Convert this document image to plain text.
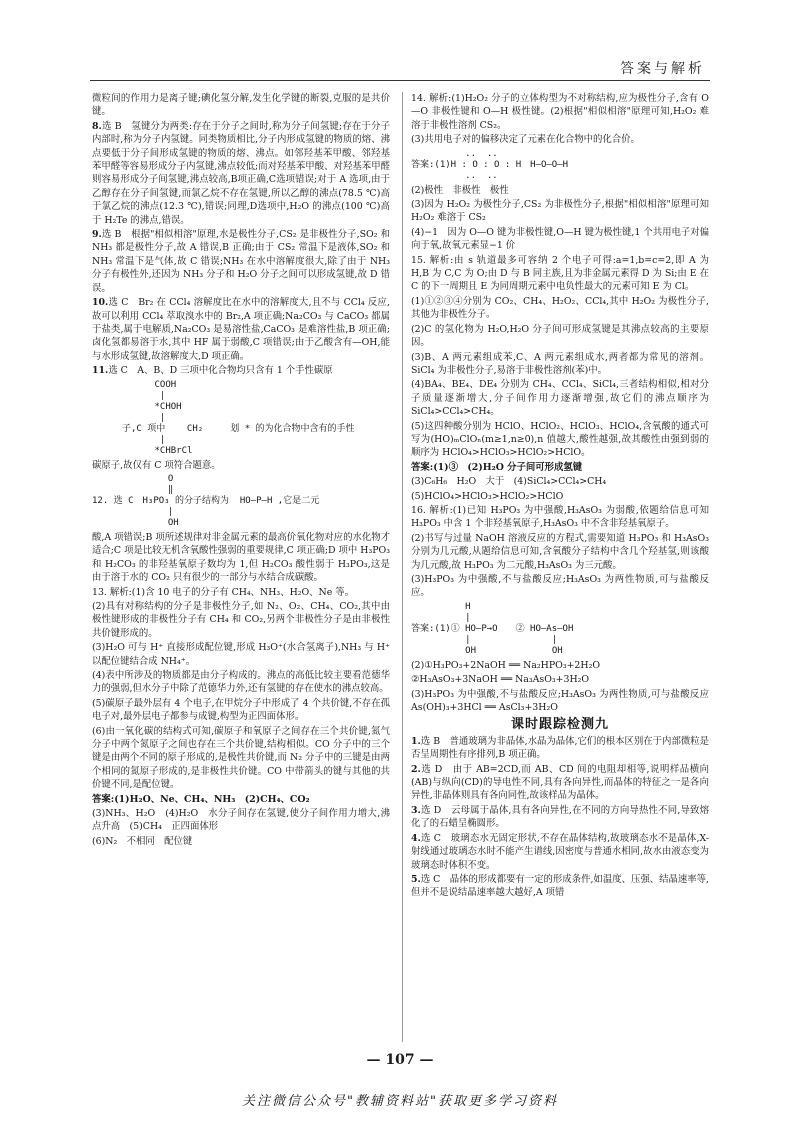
答案与解析

微粒间的作用力是离子键;碘化氢分解,发生化学键的断裂,克服的是共价键。

8.选 B　氢键分为两类:存在于分子之间时,称为分子间氢键;存在于分子内部时,称为分子内氢键。同类物质相比,分子内形成氢键的物质的熔、沸点要低于分子间形成氢键的物质的熔、沸点。如邻羟基苯甲酸、邻羟基苯甲醛等容易形成分子内氢键,沸点较低;而对羟基苯甲酸、对羟基苯甲醛则容易形成分子间氢键,沸点较高,B项正确,C选项错误;对于 A 选项,由于乙醇存在分子间氢键,而氯乙烷不存在氢键,所以乙醇的沸点(78.5 ℃)高于氯乙烷的沸点(12.3 ℃),错误;同理,D选项中,H₂O 的沸点(100 ℃)高于 H₂Te 的沸点,错误。
9.选 B　根据"相似相溶"原理,水是极性分子,CS₂ 是非极性分子,SO₂ 和 NH₃ 都是极性分子,故 A 错误,B 正确;由于 CS₂ 常温下是液体,SO₂ 和 NH₃ 常温下是气体,故 C 错误;NH₃ 在水中溶解度很大,除了由于 NH₃ 分子有极性外,还因为 NH₃ 分子和 H₂O 分子之间可以形成氢键,故 D 错误。
10.选 C　Br₂ 在 CCl₄ 溶解度比在水中的溶解度大,且不与 CCl₄ 反应,故可以利用 CCl₄ 萃取溴水中的 Br₂,A 项正确;Na₂CO₃ 与 CaCO₃ 都属于盐类,属于电解质,Na₂CO₃ 是易溶性盐,CaCO₃ 是难溶性盐,B 项正确;卤化氢都易溶于水,其中 HF 属于弱酸,C 项错误;由于乙酸含有—OH,能与水形成氢键,故溶解度大,D 项正确。
11.选 C　A、B、D 三项中化合物均只含有 1 个手性碳原
COOH
|
*CHOH
|
子,C 项中    CH₂     划 * 的为化合物中含有的手性
|
*CHBrCl

碳原子,故仅有 C 项符合题意。

O
‖
12. 选 C　H₃PO₃ 的分子结构为  HO—P—H ,它是二元
|
OH

酸,A 项错误;B 项所述规律对非金属元素的最高价氧化物对应的水化物才适合;C 项是比较无机含氧酸性强弱的重要规律,C 项正确;D 项中 H₃PO₃ 和 H₂CO₃ 的非羟基氧原子数均为 1,但 H₂CO₃ 酸性弱于 H₃PO₃,这是由于溶于水的 CO₂ 只有很少的一部分与水结合成碳酸。

13. 解析:(1)含 10 电子的分子有 CH₄、NH₃、H₂O、Ne 等。

(2)具有对称结构的分子是非极性分子,如 N₂、O₂、CH₄、CO₂,其中由极性键形成的非极性分子有 CH₄ 和 CO₂,另两个非极性分子是由非极性共价键形成的。

(3)H₂O 可与 H⁺ 直接形成配位键,形成 H₃O⁺(水合氢离子),NH₃ 与 H⁺ 以配位键结合成 NH₄⁺。

(4)表中所涉及的物质都是由分子构成的。沸点的高低比较主要看范德华力的强弱,但水分子中除了范德华力外,还有氢键的存在使水的沸点较高。

(5)碳原子最外层有 4 个电子,在甲烷分子中形成了 4 个共价键,不存在孤电子对,最外层电子都参与成键,构型为正四面体形。

(6)由一氧化碳的结构式可知,碳原子和氧原子之间存在三个共价键,氮气分子中两个氮原子之间也存在三个共价键,结构相似。CO 分子中的三个键是由两个不同的原子形成的,是极性共价键,而 N₂ 分子中的三键是由两个相同的氮原子形成的,是非极性共价键。CO 中带箭头的键与其他的共价键不同,是配位键。

答案:(1)H₂O、Ne、CH₄、NH₃　(2)CH₄、CO₂

(3)NH₃、H₂O　(4)H₂O　水分子间存在氢键,使分子间作用力增大,沸点升高　(5)CH₄　正四面体形

(6)N₂　不相同　配位键

14. 解析:(1)H₂O₂ 分子的立体构型为不对称结构,应为极性分子,含有 O—O 非极性键和 O—H 极性键。(2)根据"相似相溶"原理可知,H₂O₂ 难溶于非极性溶剂 CS₂。

(3)共用电子对的偏移决定了元素在化合物中的化合价。

..  ..
答案:(1)H : O : O : H　H—O—O—H
..  ..

(2)极性　非极性　极性

(3)因为 H₂O₂ 为极性分子,CS₂ 为非极性分子,根据"相似相溶"原理可知 H₂O₂ 难溶于 CS₂

(4)−1　因为 O—O 键为非极性键,O—H 键为极性键,1 个共用电子对偏向于氧,故氧元素显−1 价

15. 解析:由 s 轨道最多可容纳 2 个电子可得:a=1,b=c=2,即 A 为 H,B 为 C,C 为 O;由 D 与 B 同主族,且为非金属元素得 D 为 Si;由 E 在 C 的下一周期且 E 为同周期元素中电负性最大的元素可知 E 为 Cl。

(1)①②③④分别为 CO₂、CH₄、H₂O₂、CCl₄,其中 H₂O₂ 为极性分子,其他为非极性分子。

(2)C 的氢化物为 H₂O,H₂O 分子间可形成氢键是其沸点较高的主要原因。

(3)B、A 两元素组成苯,C、A 两元素组成水,两者都为常见的溶剂。SiCl₄ 为非极性分子,易溶于非极性溶剂(苯)中。

(4)BA₄、BE₄、DE₄ 分别为 CH₄、CCl₄、SiCl₄,三者结构相似,相对分子质量逐渐增大,分子间作用力逐渐增强,故它们的沸点顺序为 SiCl₄>CCl₄>CH₄。

(5)这四种酸分别为 HClO、HClO₂、HClO₃、HClO₄,含氧酸的通式可写为(HO)ₘClOₙ(m≥1,n≥0),n 值越大,酸性越强,故其酸性由强到弱的顺序为 HClO₄>HClO₃>HClO₂>HClO。

答案:(1)③　(2)H₂O 分子间可形成氢键

(3)C₆H₆　H₂O　大于　(4)SiCl₄>CCl₄>CH₄

(5)HClO₄>HClO₃>HClO₂>HClO

16. 解析:(1)已知 H₃PO₃ 为中强酸,H₃AsO₃ 为弱酸,依题给信息可知 H₃PO₃ 中含 1 个非羟基氧原子,H₃AsO₃ 中不含非羟基氧原子。

(2)书写与过量 NaOH 溶液反应的方程式,需要知道 H₃PO₃ 和 H₃AsO₃ 分别为几元酸,从题给信息可知,含氧酸分子结构中含几个羟基氢,则该酸为几元酸,故 H₃PO₃ 为二元酸,H₃AsO₃ 为三元酸。

(3)H₃PO₃ 为中强酸,不与盐酸反应;H₃AsO₃ 为两性物质,可与盐酸反应。

H
|
答案:(1)① HO—P→O　　② HO—As—OH
|               |
OH              OH

(2)①H₃PO₃+2NaOH ══ Na₂HPO₃+2H₂O

②H₃AsO₃+3NaOH ══ Na₃AsO₃+3H₂O

(3)H₃PO₃ 为中强酸,不与盐酸反应;H₃AsO₃ 为两性物质,可与盐酸反应　As(OH)₃+3HCl ══ AsCl₃+3H₂O

课时跟踪检测九
1.选 B　普通玻璃为非晶体,水晶为晶体,它们的根本区别在于内部微粒是否呈周期性有序排列,B 项正确。
2.选 D　由于 AB=2CD,而 AB、CD 间的电阻却相等,说明样品横向(AB)与纵向(CD)的导电性不同,具有各向异性,而晶体的特征之一是各向异性,非晶体则具有各向同性,故该样品为晶体。
3.选 D　云母属于晶体,具有各向异性,在不同的方向导热性不同,导致熔化了的石蜡呈椭圆形。
4.选 C　玻璃态水无固定形状,不存在晶体结构,故玻璃态水不是晶体,X-射线通过玻璃态水时不能产生谱线,因密度与普通水相同,故水由液态变为玻璃态时体积不变。
5.选 C　晶体的形成都要有一定的形成条件,如温度、压强、结晶速率等,但并不是说结晶速率越大越好,A 项错
— 107 —
关注微信公众号"教辅资料站"获取更多学习资料
